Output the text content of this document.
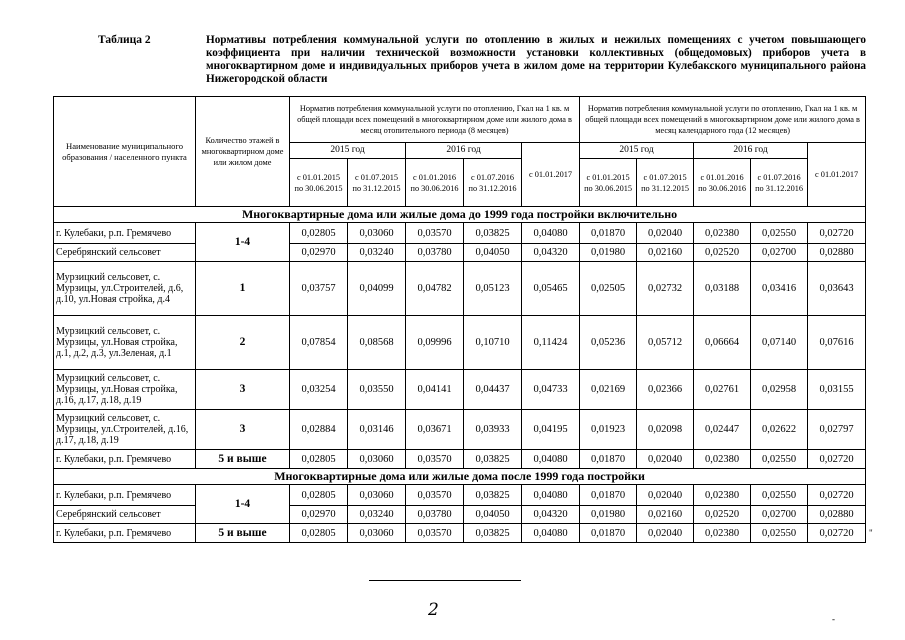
Таблица 2	Нормативы потребления коммунальной услуги по отоплению в жилых и нежилых помещениях с учетом повышающего коэффициента при наличии технической возможности установки коллективных (общедомовых) приборов учета в многоквартирном доме и индивидуальных приборов учета в жилом доме на территории Кулебакского муниципального района Нижегородской области
Наименование муниципального образования / населенного пункта	Количество этажей в многоквартирном доме или жилом доме	Норматив потребления коммунальной услуги по отоплению, Гкал на 1 кв. м общей площади всех помещений в многоквартирном доме или жилого дома в месяц отопительного периода (8 месяцев)					Норматив потребления коммунальной услуги по отоплению, Гкал на 1 кв. м общей площади всех помещений в многоквартирном доме или жилого дома в месяц календарного года (12 месяцев)				
		2015 год		2016 год		с 01.01.2017	2015 год		2016 год		с 01.01.2017
		с 01.01.2015 по 30.06.2015	с 01.07.2015 по 31.12.2015	с 01.01.2016 по 30.06.2016	с 01.07.2016 по 31.12.2016		с 01.01.2015 по 30.06.2015	с 01.07.2015 по 31.12.2015	с 01.01.2016 по 30.06.2016	с 01.07.2016 по 31.12.2016	
Многоквартирные дома или жилые дома до 1999 года постройки включительно											
г. Кулебаки, р.п. Гремячево	1-4	0,02805	0,03060	0,03570	0,03825	0,04080	0,01870	0,02040	0,02380	0,02550	0,02720
Серебрянский сельсовет		0,02970	0,03240	0,03780	0,04050	0,04320	0,01980	0,02160	0,02520	0,02700	0,02880
Мурзицкий сельсовет, с. Мурзицы, ул.Строителей, д.6, д.10, ул.Новая стройка, д.4	1	0,03757	0,04099	0,04782	0,05123	0,05465	0,02505	0,02732	0,03188	0,03416	0,03643
Мурзицкий сельсовет, с. Мурзицы, ул.Новая стройка, д.1, д.2, д.3, ул.Зеленая, д.1	2	0,07854	0,08568	0,09996	0,10710	0,11424	0,05236	0,05712	0,06664	0,07140	0,07616
Мурзицкий сельсовет, с. Мурзицы, ул.Новая стройка, д.16, д.17, д.18, д.19	3	0,03254	0,03550	0,04141	0,04437	0,04733	0,02169	0,02366	0,02761	0,02958	0,03155
Мурзицкий сельсовет, с. Мурзицы, ул.Строителей, д.16, д.17, д.18, д.19	3	0,02884	0,03146	0,03671	0,03933	0,04195	0,01923	0,02098	0,02447	0,02622	0,02797
г. Кулебаки, р.п. Гремячево	5 и выше	0,02805	0,03060	0,03570	0,03825	0,04080	0,01870	0,02040	0,02380	0,02550	0,02720
Многоквартирные дома или жилые дома после 1999 года постройки											
г. Кулебаки, р.п. Гремячево	1-4	0,02805	0,03060	0,03570	0,03825	0,04080	0,01870	0,02040	0,02380	0,02550	0,02720
Серебрянский сельсовет		0,02970	0,03240	0,03780	0,04050	0,04320	0,01980	0,02160	0,02520	0,02700	0,02880
г. Кулебаки, р.п. Гремячево	5 и выше	0,02805	0,03060	0,03570	0,03825	0,04080	0,01870	0,02040	0,02380	0,02550	0,02720 "
2	-
